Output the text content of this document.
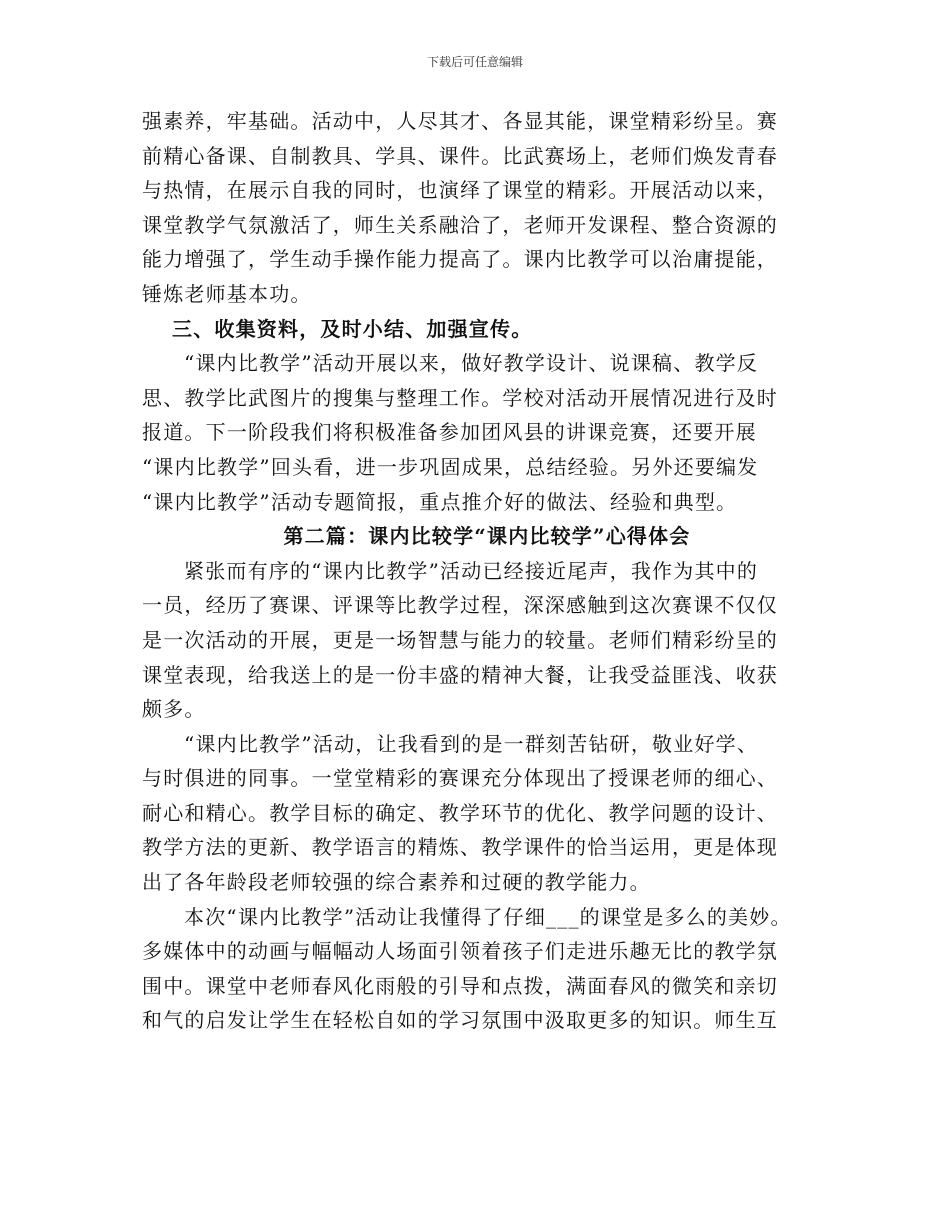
下载后可任意编辑
强素养，牢基础。活动中，人尽其才、各显其能，课堂精彩纷呈。赛
前精心备课、自制教具、学具、课件。比武赛场上，老师们焕发青春
与热情，在展示自我的同时，也演绎了课堂的精彩。开展活动以来，
课堂教学气氛激活了，师生关系融洽了，老师开发课程、整合资源的
能力增强了，学生动手操作能力提高了。课内比教学可以治庸提能，
锤炼老师基本功。
三、收集资料，及时小结、加强宣传。
“课内比教学”活动开展以来，做好教学设计、说课稿、教学反
思、教学比武图片的搜集与整理工作。学校对活动开展情况进行及时
报道。下一阶段我们将积极准备参加团风县的讲课竞赛，还要开展
“课内比教学”回头看，进一步巩固成果，总结经验。另外还要编发
“课内比教学”活动专题简报，重点推介好的做法、经验和典型。
第二篇：课内比较学“课内比较学”心得体会
紧张而有序的“课内比教学”活动已经接近尾声，我作为其中的
一员，经历了赛课、评课等比教学过程，深深感触到这次赛课不仅仅
是一次活动的开展，更是一场智慧与能力的较量。老师们精彩纷呈的
课堂表现，给我送上的是一份丰盛的精神大餐，让我受益匪浅、收获
颇多。
“课内比教学”活动，让我看到的是一群刻苦钻研，敬业好学、
与时俱进的同事。一堂堂精彩的赛课充分体现出了授课老师的细心、
耐心和精心。教学目标的确定、教学环节的优化、教学问题的设计、
教学方法的更新、教学语言的精炼、教学课件的恰当运用，更是体现
出了各年龄段老师较强的综合素养和过硬的教学能力。
本次“课内比教学”活动让我懂得了仔细___的课堂是多么的美妙。
多媒体中的动画与幅幅动人场面引领着孩子们走进乐趣无比的教学氛
围中。课堂中老师春风化雨般的引导和点拨，满面春风的微笑和亲切
和气的启发让学生在轻松自如的学习氛围中汲取更多的知识。师生互
